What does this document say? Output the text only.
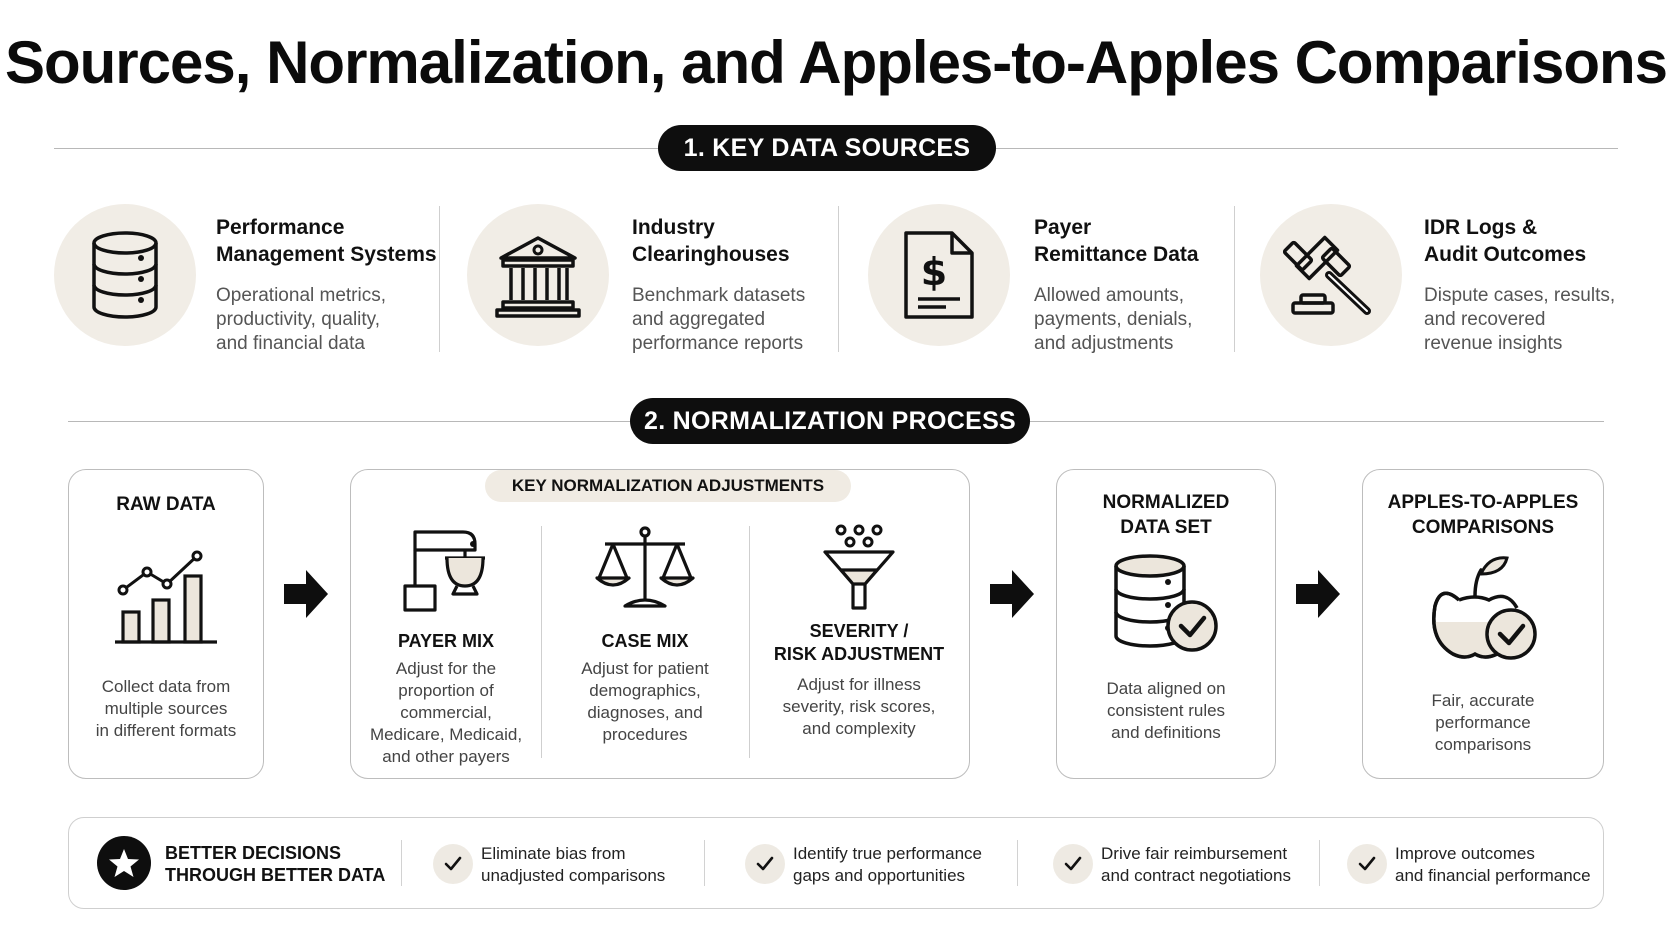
Sources, Normalization, and Apples-to-Apples Comparisons
1. KEY DATA SOURCES
Performance
Management Systems
Operational metrics,
productivity, quality,
and financial data
Industry
Clearinghouses
Benchmark datasets
and aggregated
performance reports
$
Payer
Remittance Data
Allowed amounts,
payments, denials,
and adjustments
IDR Logs &
Audit Outcomes
Dispute cases, results,
and recovered
revenue insights
2. NORMALIZATION PROCESS
RAW DATA
Collect data from
multiple sources
in different formats
KEY NORMALIZATION ADJUSTMENTS
PAYER MIX
Adjust for the
proportion of
commercial,
Medicare, Medicaid,
and other payers
CASE MIX
Adjust for patient
demographics,
diagnoses, and
procedures
SEVERITY /
RISK ADJUSTMENT
Adjust for illness
severity, risk scores,
and complexity
NORMALIZED
DATA SET
Data aligned on
consistent rules
and definitions
APPLES-TO-APPLES
COMPARISONS
Fair, accurate
performance
comparisons
BETTER DECISIONS
THROUGH BETTER DATA
Eliminate bias from
unadjusted comparisons
Identify true performance
gaps and opportunities
Drive fair reimbursement
and contract negotiations
Improve outcomes
and financial performance
